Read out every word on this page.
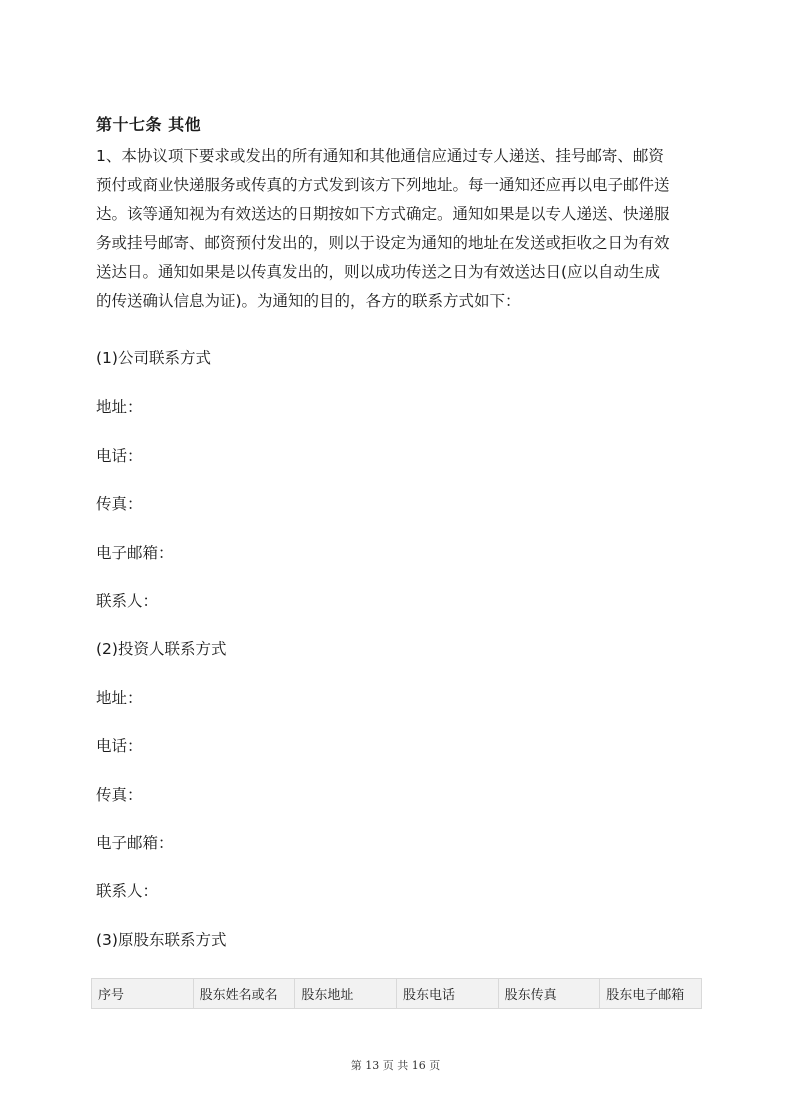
第十七条 其他
1、本协议项下要求或发出的所有通知和其他通信应通过专人递送、挂号邮寄、邮资
预付或商业快递服务或传真的方式发到该方下列地址。每一通知还应再以电子邮件送
达。该等通知视为有效送达的日期按如下方式确定。通知如果是以专人递送、快递服
务或挂号邮寄、邮资预付发出的，则以于设定为通知的地址在发送或拒收之日为有效
送达日。通知如果是以传真发出的，则以成功传送之日为有效送达日(应以自动生成
的传送确认信息为证)。为通知的目的，各方的联系方式如下：
(1)公司联系方式
地址：
电话：
传真：
电子邮箱：
联系人：
(2)投资人联系方式
地址：
电话：
传真：
电子邮箱：
联系人：
(3)原股东联系方式
序号	股东姓名或名	股东地址	股东电话	股东传真	股东电子邮箱
第 13 页 共 16 页
